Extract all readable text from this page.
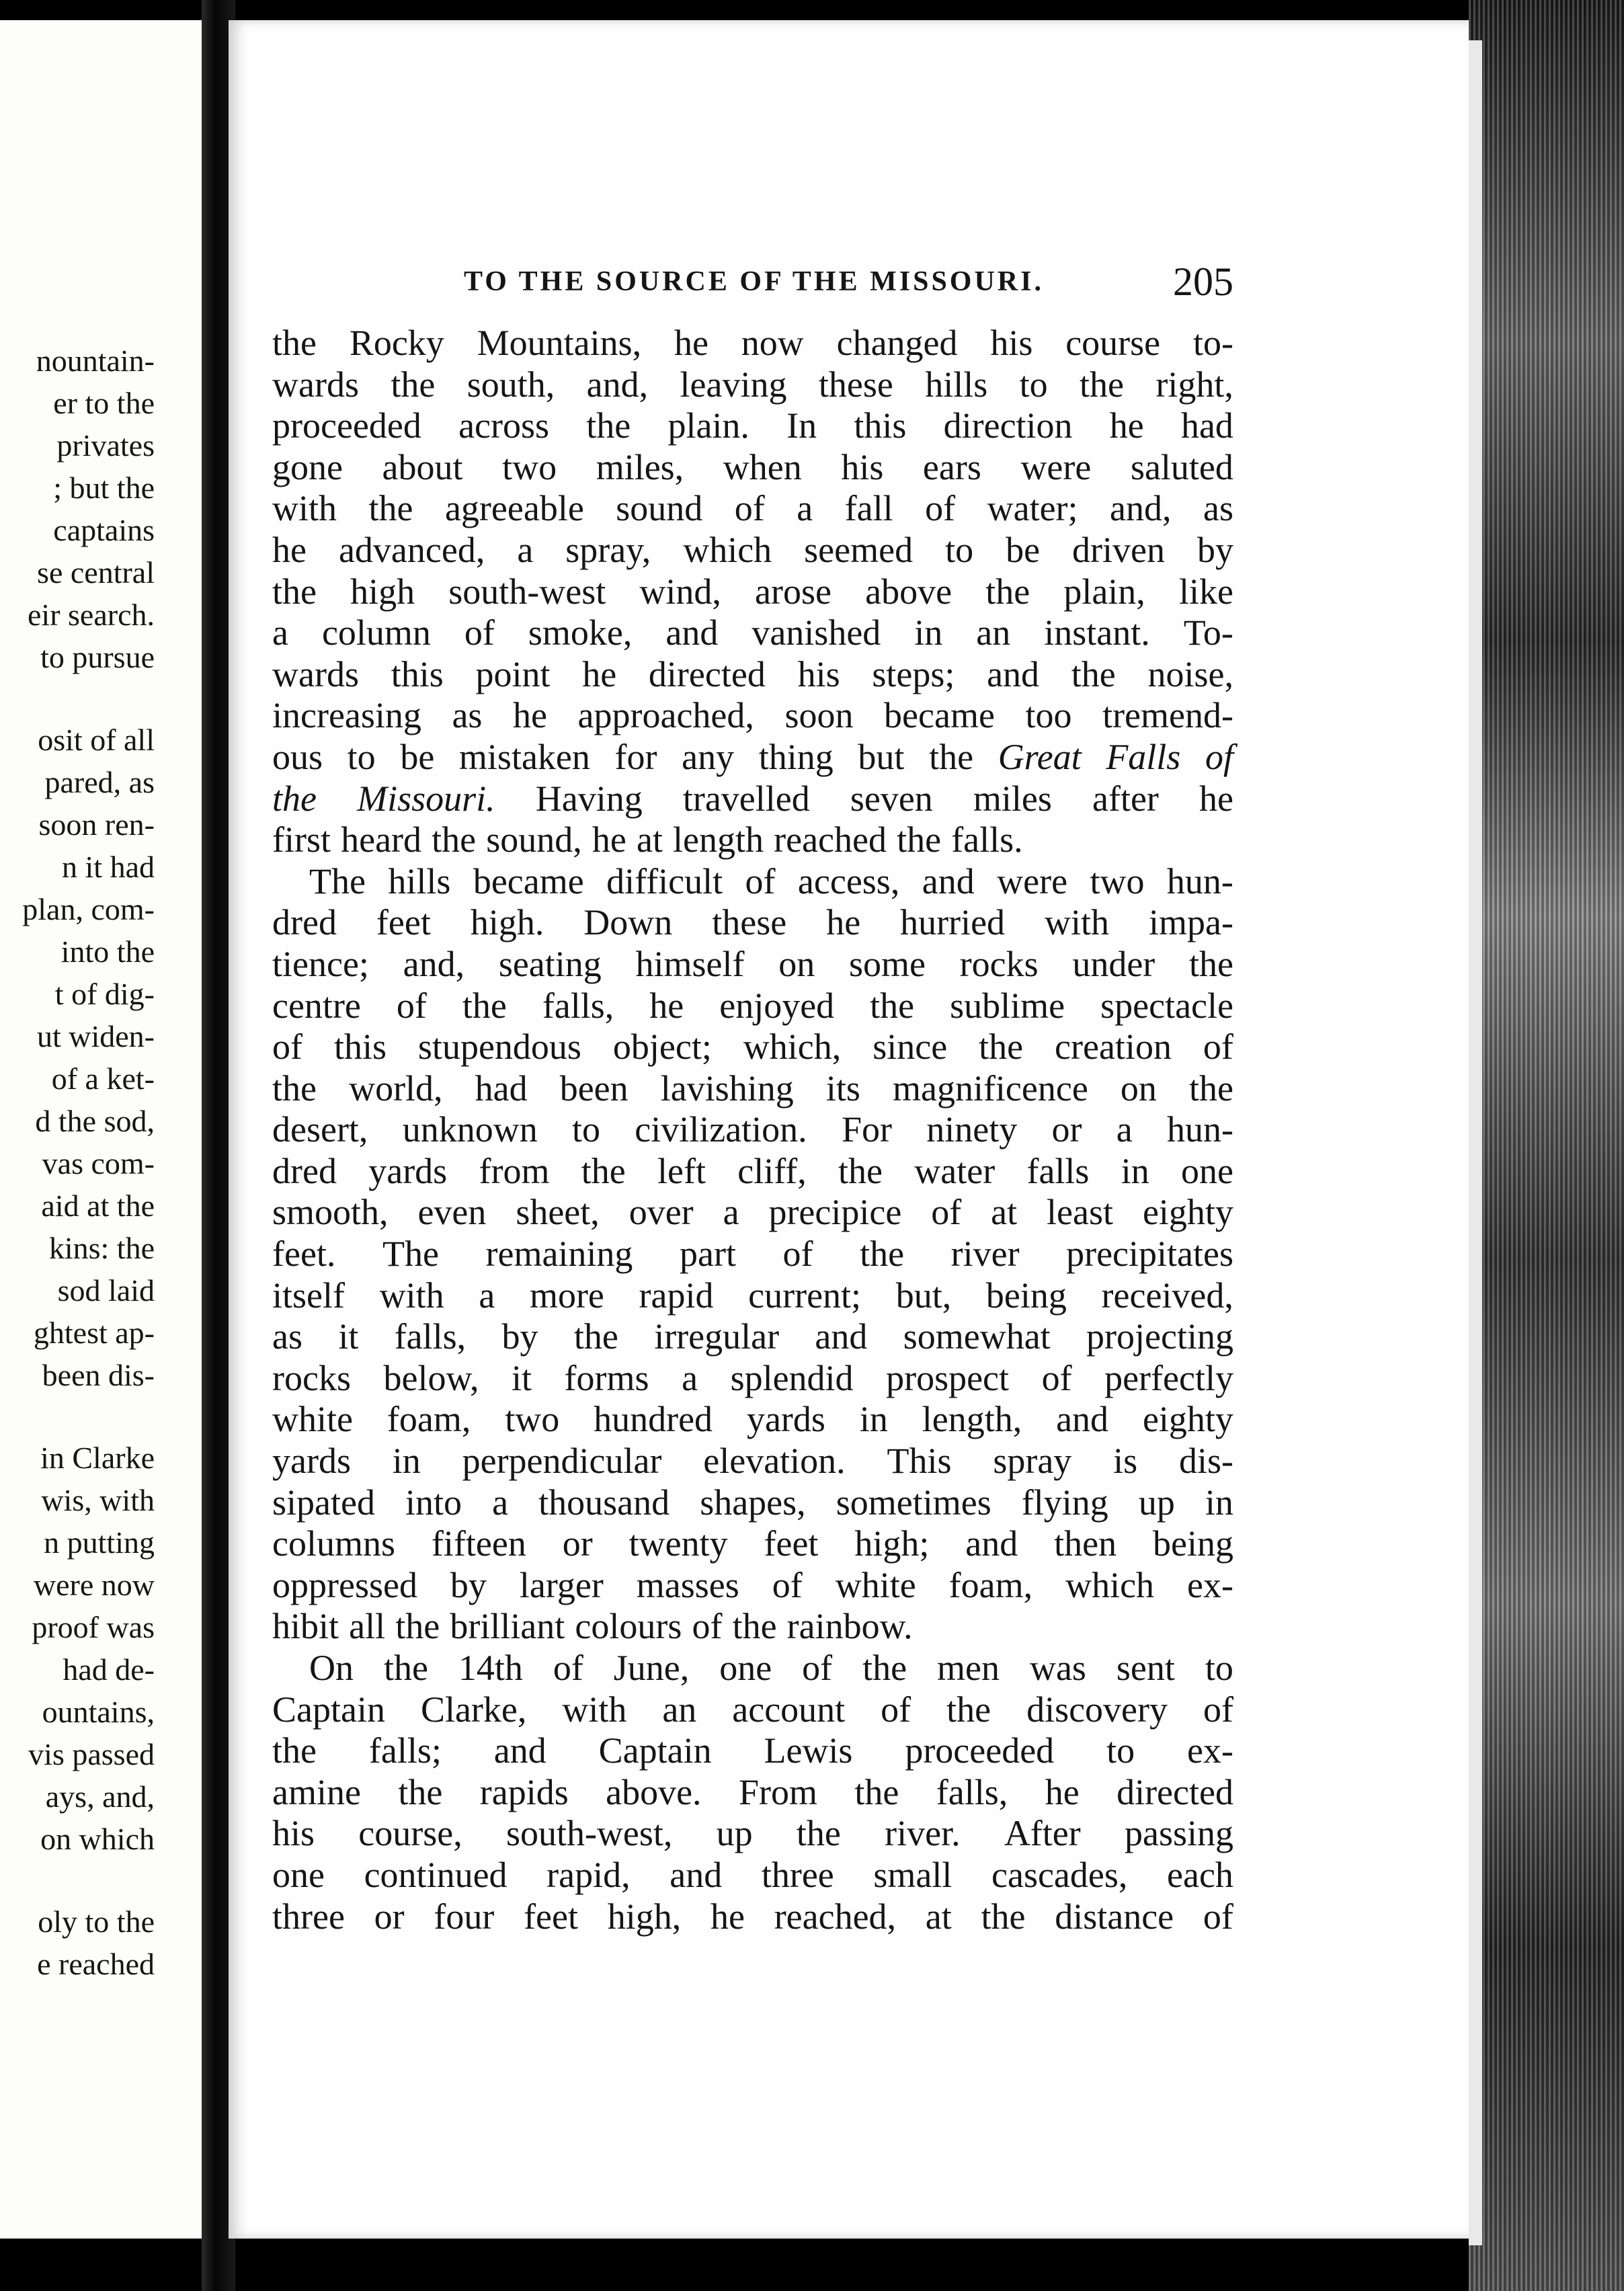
nountain-
er to the
privates
; but the
captains
se central
eir search.
to pursue
osit of all
pared, as
soon ren-
n it had
plan, com-
into the
t of dig-
ut widen-
of a ket-
d the sod,
vas com-
aid at the
kins: the
sod laid
ghtest ap-
been dis-
in Clarke
wis, with
n putting
were now
proof was
had de-
ountains,
vis passed
ays, and,
on which
oly to the
e reached
TO THE SOURCE OF THE MISSOURI.	205
the Rocky Mountains, he now changed his course to-
wards the south, and, leaving these hills to the right,
proceeded across the plain. In this direction he had
gone about two miles, when his ears were saluted
with the agreeable sound of a fall of water; and, as
he advanced, a spray, which seemed to be driven by
the high south-west wind, arose above the plain, like
a column of smoke, and vanished in an instant. To-
wards this point he directed his steps; and the noise,
increasing as he approached, soon became too tremend-
ous to be mistaken for any thing but the Great Falls of
the Missouri. Having travelled seven miles after he
first heard the sound, he at length reached the falls.
The hills became difficult of access, and were two hun-
dred feet high. Down these he hurried with impa-
tience; and, seating himself on some rocks under the
centre of the falls, he enjoyed the sublime spectacle
of this stupendous object; which, since the creation of
the world, had been lavishing its magnificence on the
desert, unknown to civilization. For ninety or a hun-
dred yards from the left cliff, the water falls in one
smooth, even sheet, over a precipice of at least eighty
feet. The remaining part of the river precipitates
itself with a more rapid current; but, being received,
as it falls, by the irregular and somewhat projecting
rocks below, it forms a splendid prospect of perfectly
white foam, two hundred yards in length, and eighty
yards in perpendicular elevation. This spray is dis-
sipated into a thousand shapes, sometimes flying up in
columns fifteen or twenty feet high; and then being
oppressed by larger masses of white foam, which ex-
hibit all the brilliant colours of the rainbow.
On the 14th of June, one of the men was sent to
Captain Clarke, with an account of the discovery of
the falls; and Captain Lewis proceeded to ex-
amine the rapids above. From the falls, he directed
his course, south-west, up the river. After passing
one continued rapid, and three small cascades, each
three or four feet high, he reached, at the distance of
